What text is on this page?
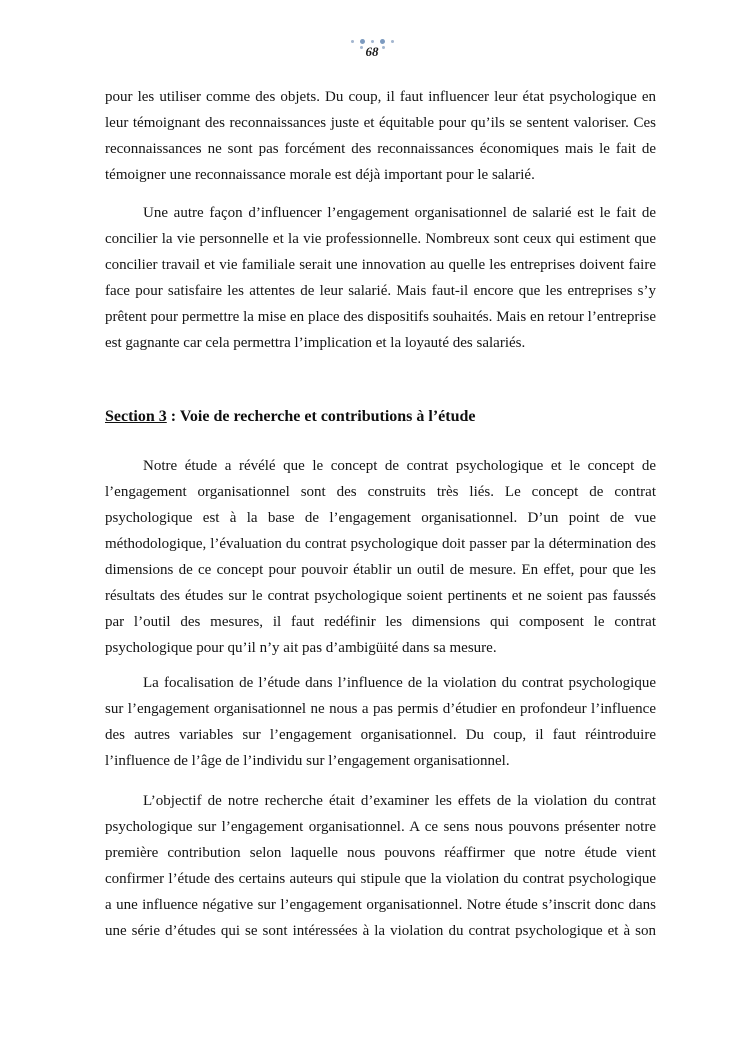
68

pour les utiliser comme des objets. Du coup, il faut influencer leur état psychologique en leur témoignant des reconnaissances juste et équitable pour qu’ils se sentent valoriser. Ces reconnaissances ne sont pas forcément des reconnaissances économiques mais le fait de témoigner une reconnaissance morale est déjà important pour le salarié.

Une autre façon d’influencer l’engagement organisationnel de salarié est le fait de concilier la vie personnelle et la vie professionnelle. Nombreux sont ceux qui estiment que concilier travail et vie familiale serait une innovation au quelle les entreprises doivent faire face pour satisfaire les attentes de leur salarié. Mais faut-il encore que les entreprises s’y prêtent pour permettre la mise en place des dispositifs souhaités. Mais en retour l’entreprise est gagnante car cela permettra l’implication et la loyauté des salariés.

Section 3 : Voie de recherche et contributions à l’étude

Notre étude a révélé que le concept de contrat psychologique et le concept de l’engagement organisationnel sont des construits très liés. Le concept de contrat psychologique est à la base de l’engagement organisationnel. D’un point de vue méthodologique, l’évaluation du contrat psychologique doit passer par la détermination des dimensions de ce concept pour pouvoir établir un outil de mesure. En effet, pour que les résultats des études sur le contrat psychologique soient pertinents et ne soient pas faussés par l’outil des mesures, il faut redéfinir les dimensions qui composent le contrat psychologique pour qu’il n’y ait pas d’ambigüité dans sa mesure.

La focalisation de l’étude dans l’influence de la violation du contrat psychologique sur l’engagement organisationnel ne nous a pas permis d’étudier en profondeur l’influence des autres variables sur l’engagement organisationnel. Du coup, il faut réintroduire l’influence de l’âge de l’individu sur l’engagement organisationnel.

L’objectif de notre recherche était d’examiner les effets de la violation du contrat psychologique sur l’engagement organisationnel. A ce sens nous pouvons présenter notre première contribution selon laquelle nous pouvons réaffirmer que notre étude vient confirmer l’étude des certains auteurs qui stipule que la violation du contrat psychologique a une influence négative sur l’engagement organisationnel. Notre étude s’inscrit donc dans une série d’études qui se sont intéressées à la violation du contrat psychologique et à son
